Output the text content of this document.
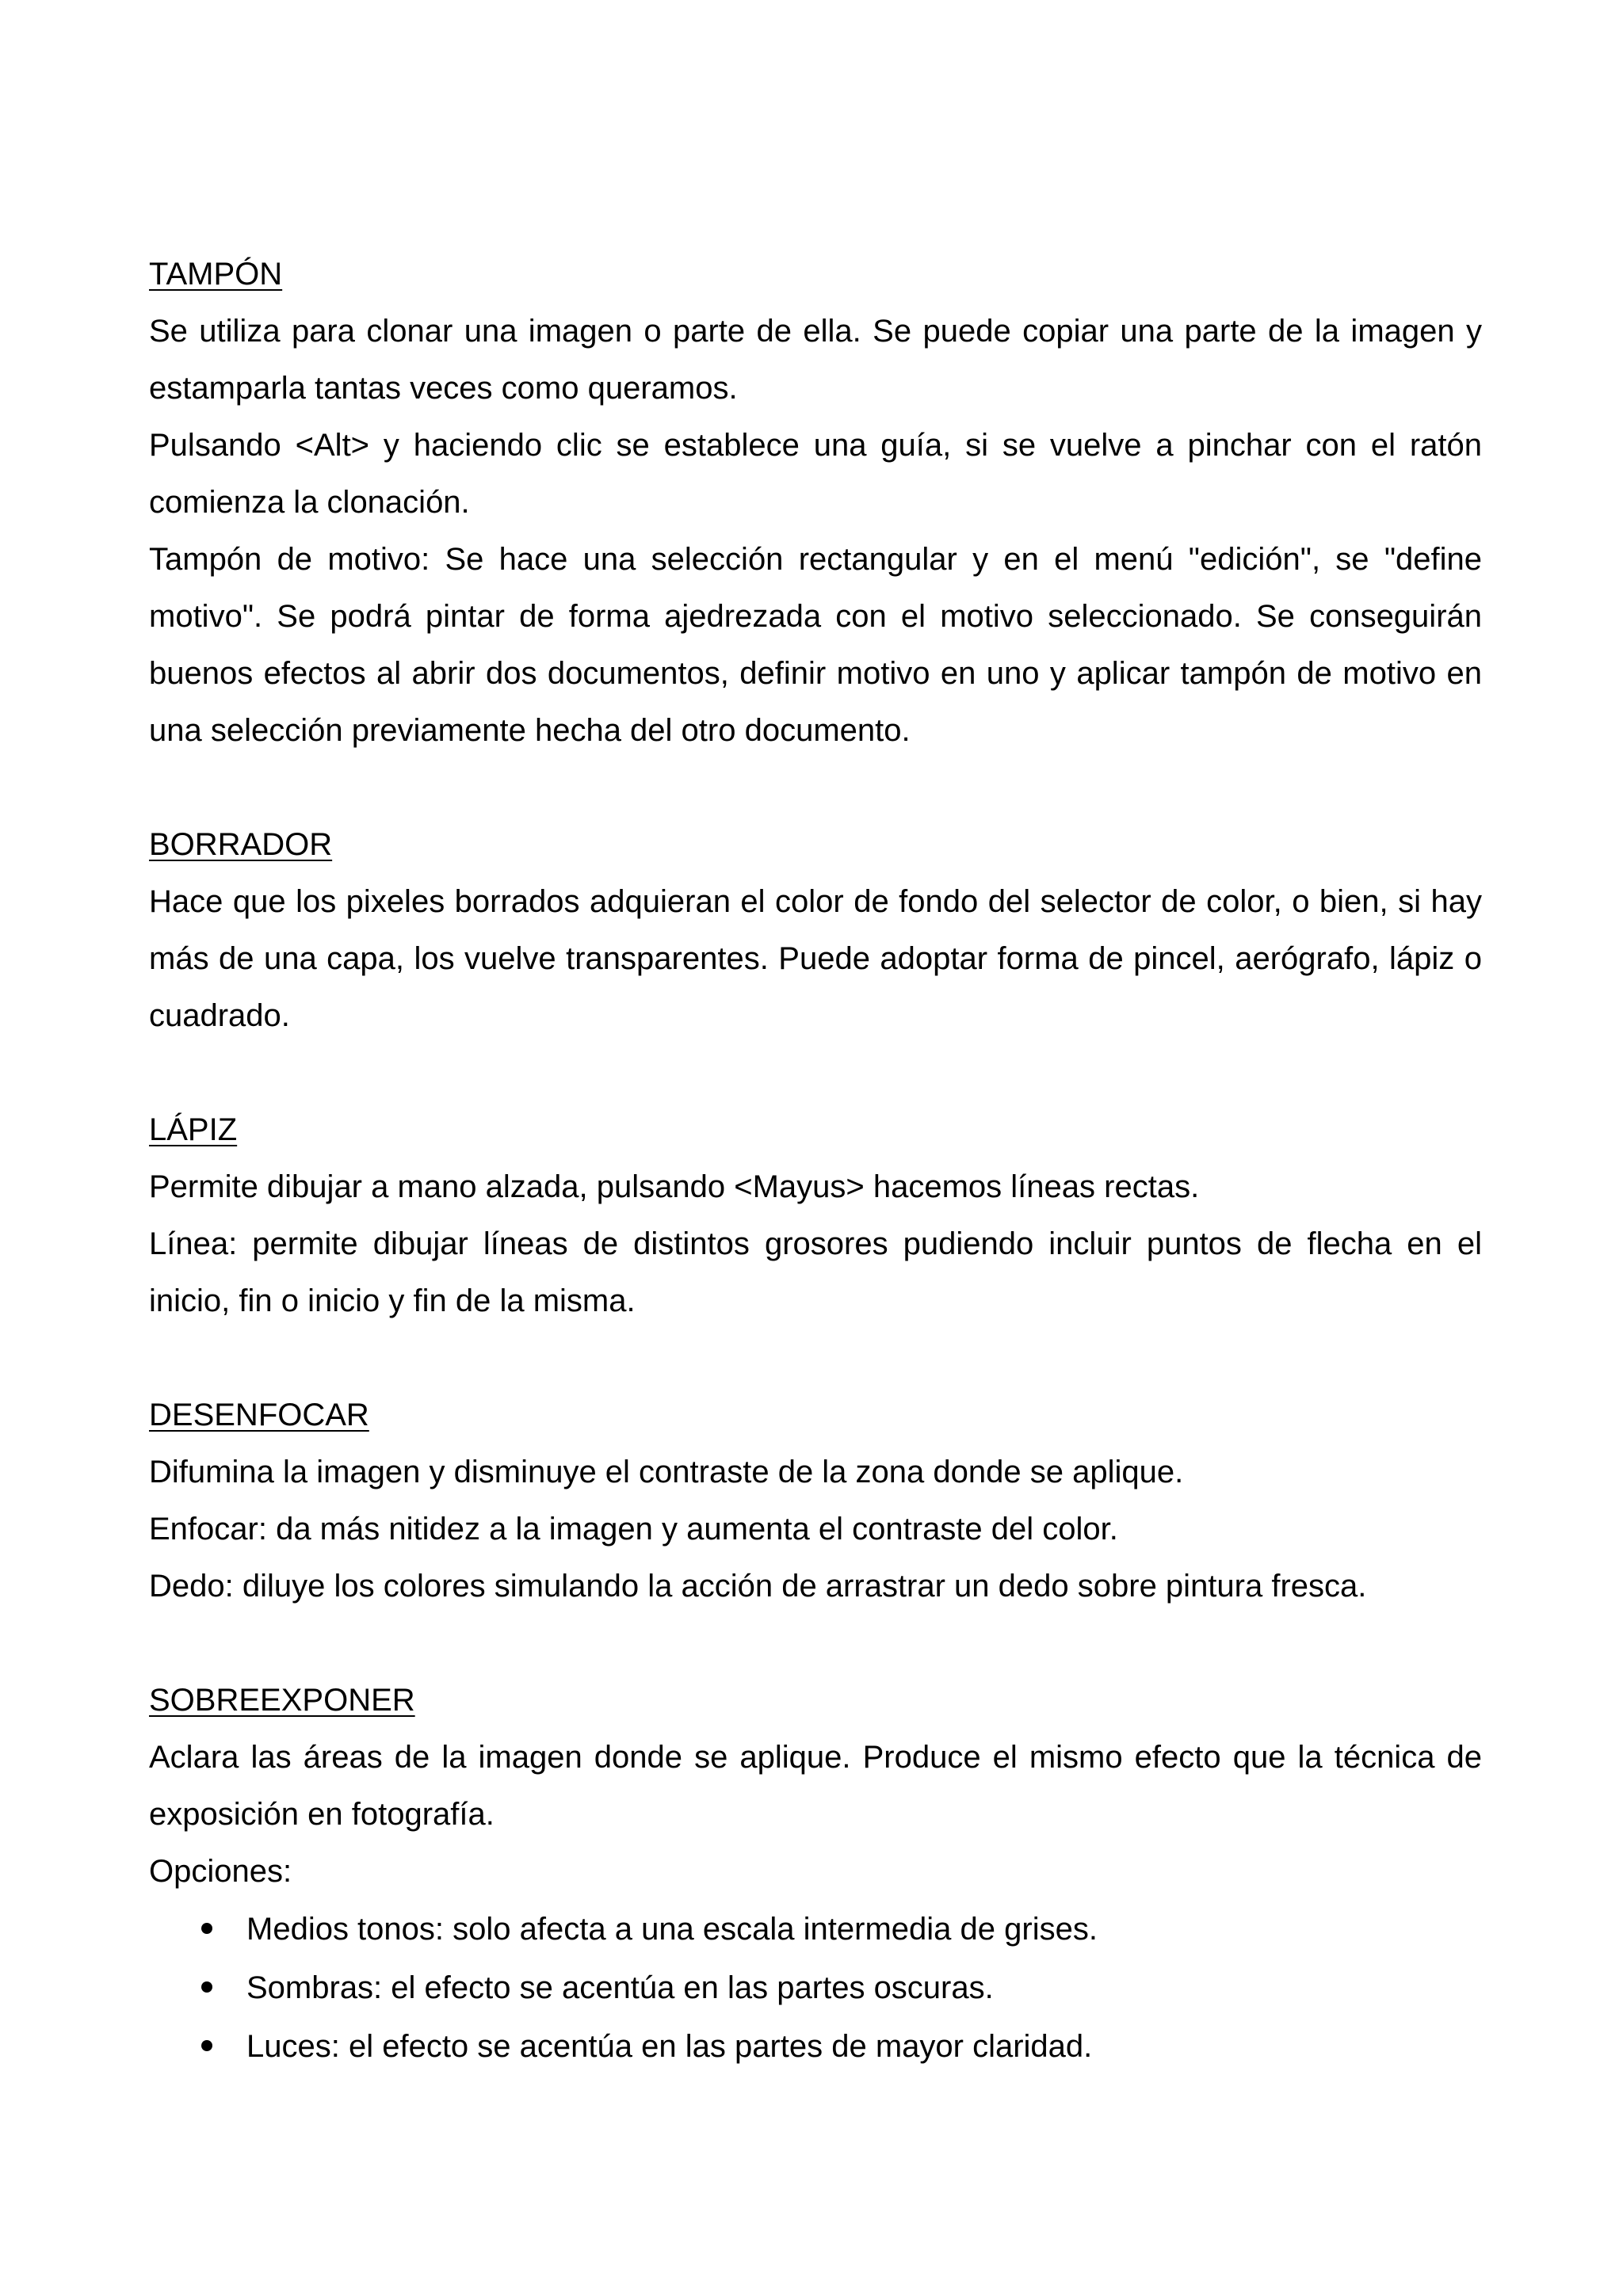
TAMPÓN

Se utiliza para clonar una imagen o parte de ella. Se puede copiar una parte de la imagen y estamparla tantas veces como queramos.

Pulsando <Alt> y haciendo clic se establece una guía, si se vuelve a pinchar con el ratón comienza la clonación.

Tampón de motivo: Se hace una selección rectangular y en el menú "edición", se "define motivo". Se podrá pintar de forma ajedrezada con el motivo seleccionado. Se conseguirán buenos efectos al abrir dos documentos, definir motivo en uno y aplicar tampón de motivo en una selección previamente hecha del otro documento.

BORRADOR

Hace que los pixeles borrados adquieran el color de fondo del selector de color, o bien, si hay más de una capa, los vuelve transparentes. Puede adoptar forma de pincel, aerógrafo, lápiz o cuadrado.

LÁPIZ

Permite dibujar a mano alzada, pulsando <Mayus> hacemos líneas rectas.

Línea: permite dibujar líneas de distintos grosores pudiendo incluir puntos de flecha en el inicio, fin o inicio y fin de la misma.

DESENFOCAR

Difumina la imagen y disminuye el contraste de la zona donde se aplique.

Enfocar: da más nitidez a la imagen y aumenta el contraste del color.

Dedo: diluye los colores simulando la acción de arrastrar un dedo sobre pintura fresca.

SOBREEXPONER

Aclara las áreas de la imagen donde se aplique. Produce el mismo efecto que la técnica de exposición en fotografía.

Opciones:

Medios tonos: solo afecta a una escala intermedia de grises.
Sombras: el efecto se acentúa en las partes oscuras.
Luces: el efecto se acentúa en las partes de mayor claridad.
